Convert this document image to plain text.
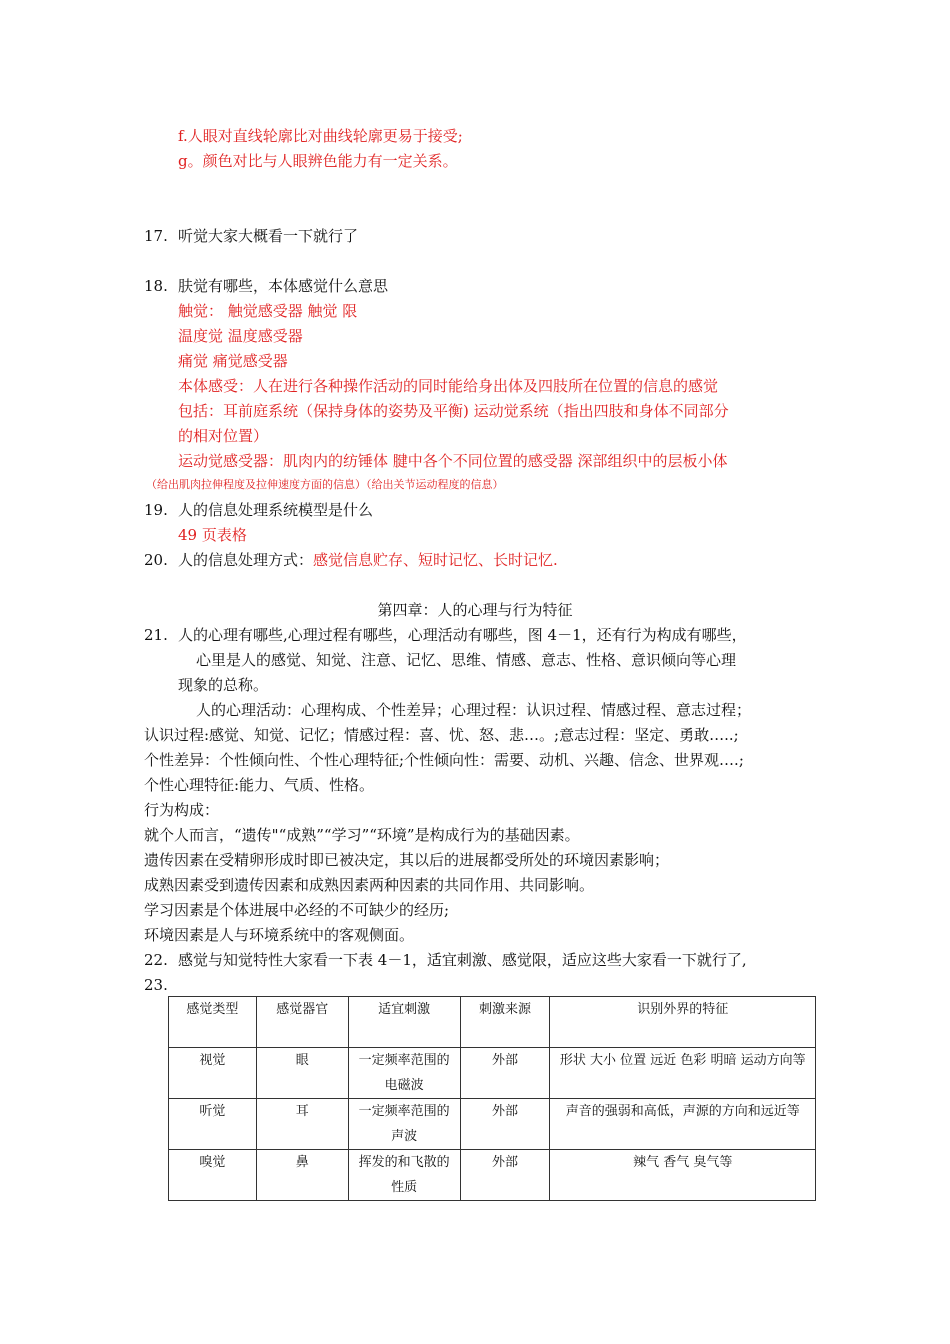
f.人眼对直线轮廓比对曲线轮廓更易于接受;
g。颜色对比与人眼辨色能力有一定关系。
17. 听觉大家大概看一下就行了
18. 肤觉有哪些，本体感觉什么意思
触觉： 触觉感受器 触觉 限
温度觉 温度感受器
痛觉 痛觉感受器
本体感受：人在进行各种操作活动的同时能给身出体及四肢所在位置的信息的感觉
包括：耳前庭系统（保持身体的姿势及平衡) 运动觉系统（指出四肢和身体不同部分
的相对位置）
运动觉感受器：肌肉内的纺锤体 腱中各个不同位置的感受器 深部组织中的层板小体
（给出肌肉拉伸程度及拉伸速度方面的信息）（给出关节运动程度的信息）
19. 人的信息处理系统模型是什么
49 页表格
20. 人的信息处理方式：感觉信息贮存、短时记忆、长时记忆.
第四章：人的心理与行为特征
21. 人的心理有哪些,心理过程有哪些，心理活动有哪些，图 4－1，还有行为构成有哪些，
心里是人的感觉、知觉、注意、记忆、思维、情感、意志、性格、意识倾向等心理
现象的总称。
人的心理活动：心理构成、个性差异；心理过程：认识过程、情感过程、意志过程；
认识过程:感觉、知觉、记忆；情感过程：喜、忧、怒、悲…。;意志过程：坚定、勇敢…..;
个性差异：个性倾向性、个性心理特征;个性倾向性：需要、动机、兴趣、信念、世界观….;
个性心理特征:能力、气质、性格。
行为构成：
就个人而言，“遗传"“成熟”“学习”“环境”是构成行为的基础因素。
遗传因素在受精卵形成时即已被决定，其以后的进展都受所处的环境因素影响；
成熟因素受到遗传因素和成熟因素两种因素的共同作用、共同影响。
学习因素是个体进展中必经的不可缺少的经历;
环境因素是人与环境系统中的客观侧面。
22. 感觉与知觉特性大家看一下表 4－1，适宜刺激、感觉限，适应这些大家看一下就行了,
23.
感觉类型	感觉器官	适宜刺激	刺激来源	识别外界的特征
视觉	眼	一定频率范围的电磁波	外部	形状 大小 位置 远近 色彩 明暗 运动方向等
听觉	耳	一定频率范围的声波	外部	声音的强弱和高低，声源的方向和远近等
嗅觉	鼻	挥发的和飞散的性质	外部	辣气 香气 臭气等
